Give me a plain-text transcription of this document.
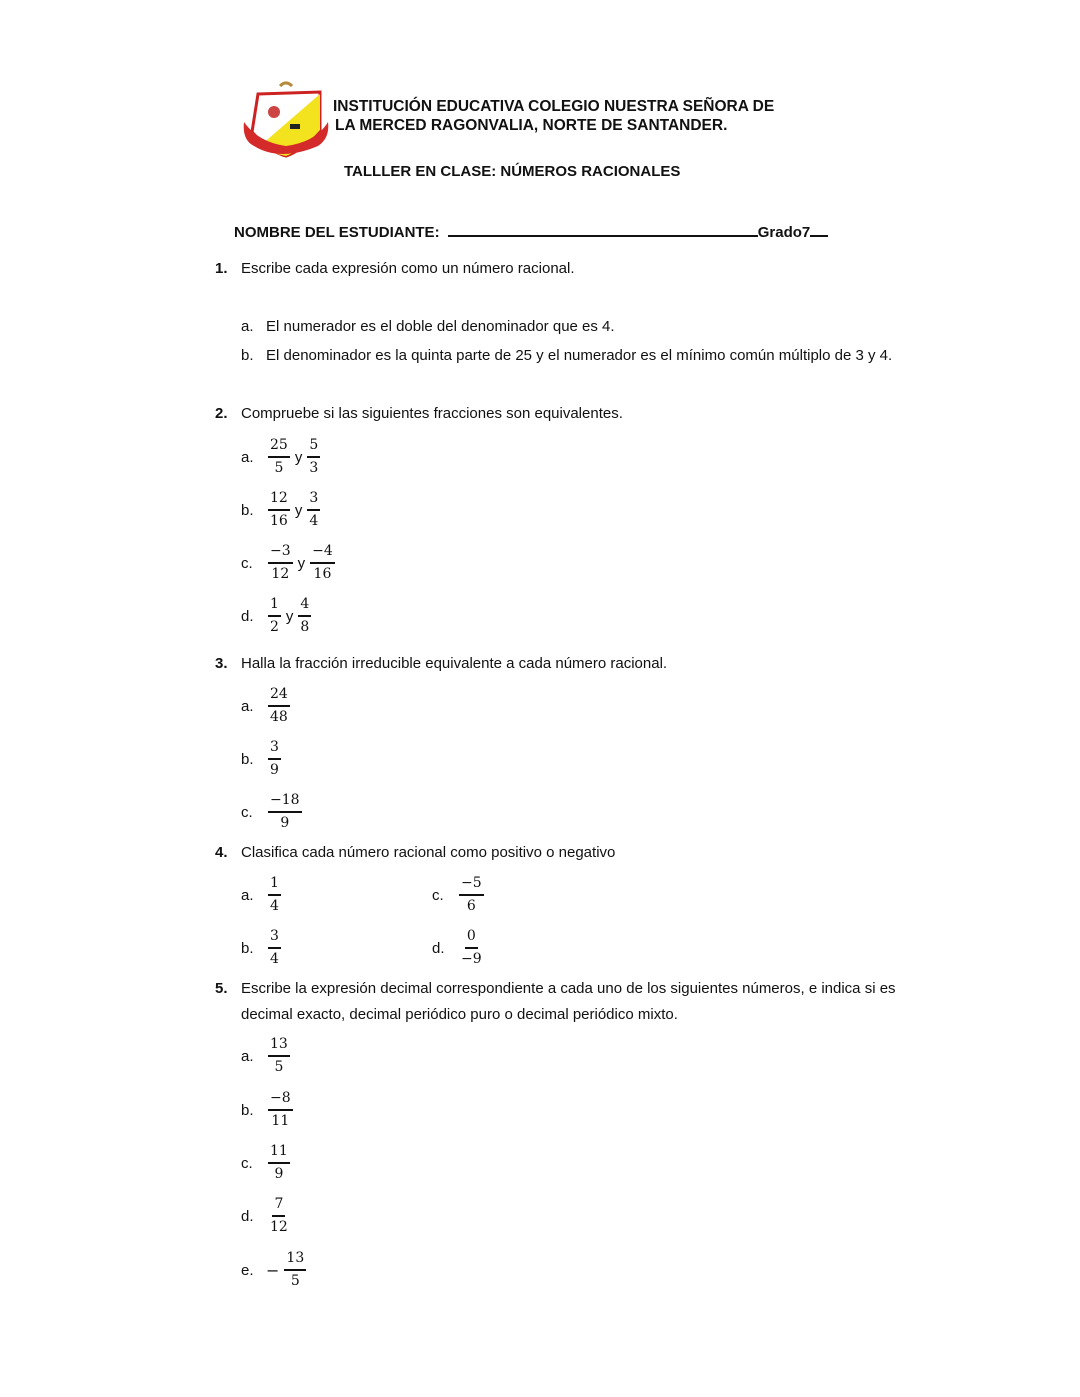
INSTITUCIÓN EDUCATIVA COLEGIO NUESTRA SEÑORA DE
LA MERCED RAGONVALIA, NORTE DE SANTANDER.
TALLLER EN CLASE: NÚMEROS RACIONALES
NOMBRE DEL ESTUDIANTE:	Grado7
1. Escribe cada expresión como un número racional.
a. El numerador es el doble del denominador que es 4.
b. El denominador es la quinta parte de 25 y el numerador es el mínimo común múltiplo de 3 y 4.
2. Compruebe si las siguientes fracciones son equivalentes.
a.	$\frac{25}{5}$ y $\frac{5}{3}$
b.	$\frac{12}{16}$ y $\frac{3}{4}$
c.	$\frac{-3}{12}$ y $\frac{-4}{16}$
d.	$\frac{1}{2}$ y $\frac{4}{8}$
3. Halla la fracción irreducible equivalente a cada número racional.
a.	$\frac{24}{48}$
b.	$\frac{3}{9}$
c.	$\frac{-18}{9}$
4. Clasifica cada número racional como positivo o negativo
a.	$\frac{1}{4}$
b.	$\frac{3}{4}$
c.	$\frac{-5}{6}$
d.	$\frac{0}{-9}$
5. Escribe la expresión decimal correspondiente a cada uno de los siguientes números, e indica si es
decimal exacto, decimal periódico puro o decimal periódico mixto.
a.	$\frac{13}{5}$
b.	$\frac{-8}{11}$
c.	$\frac{11}{9}$
d.	$\frac{7}{12}$
e. − $\frac{13}{5}$
